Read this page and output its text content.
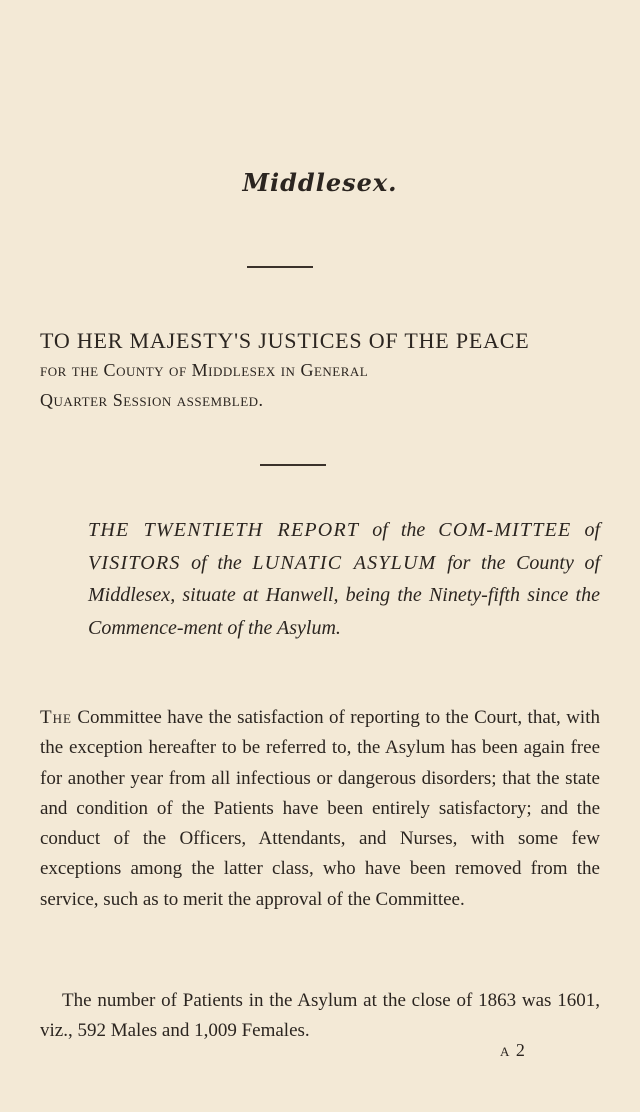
Middlesex.
TO HER MAJESTY'S JUSTICES OF THE PEACE
for the County of Middlesex in General
Quarter Session assembled.
THE TWENTIETH REPORT of the COM-MITTEE of VISITORS of the LUNATIC ASYLUM for the County of Middlesex, situate at Hanwell, being the Ninety-fifth since the Commence-ment of the Asylum.
The Committee have the satisfaction of reporting to the Court, that, with the exception hereafter to be referred to, the Asylum has been again free for another year from all infectious or dangerous disorders; that the state and condition of the Patients have been entirely satisfactory; and the conduct of the Officers, Attendants, and Nurses, with some few exceptions among the latter class, who have been removed from the service, such as to merit the approval of the Committee.
The number of Patients in the Asylum at the close of 1863 was 1601, viz., 592 Males and 1,009 Females.
a 2
